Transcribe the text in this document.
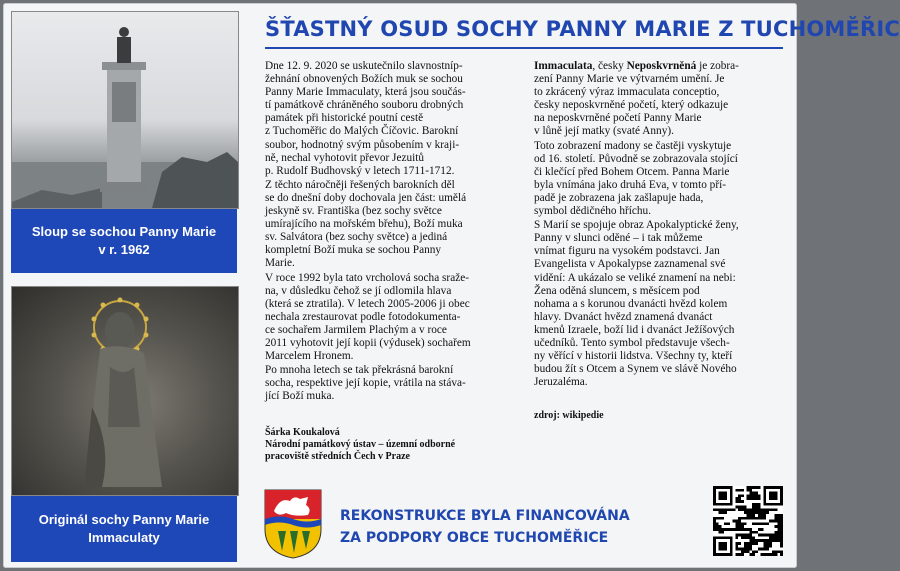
Sloup se sochou Panny Marie
v r. 1962
Originál sochy Panny Marie
Immaculaty
ŠŤASTNÝ OSUD SOCHY PANNY MARIE Z TUCHOMĚŘIC

Dne 12. 9. 2020 se uskutečnilo slavnostníp-
žehnání obnovených Božích muk se sochou
Panny Marie Immaculaty, která jsou součás-
tí památkově chráněného souboru drobných
památek při historické poutní cestě
z Tuchoměřic do Malých Číčovic. Barokní
soubor, hodnotný svým působením v kraji-
ně, nechal vyhotovit převor Jezuitů
p. Rudolf Budhovský v letech 1711-1712.

Z těchto náročněji řešených barokních děl
se do dnešní doby dochovala jen část: umělá
jeskyně sv. Františka (bez sochy světce
umírajícího na mořském břehu), Boží muka
sv. Salvátora (bez sochy světce) a jediná
kompletní Boží muka se sochou Panny
Marie.

V roce 1992 byla tato vrcholová socha sraže-
na, v důsledku čehož se jí odlomila hlava
(která se ztratila). V letech 2005-2006 ji obec
nechala zrestaurovat podle fotodokumenta-
ce sochařem Jarmilem Plachým a v roce
2011 vyhotovit její kopii (výdusek) sochařem
Marcelem Hronem.

Po mnoha letech se tak překrásná barokní
socha, respektive její kopie, vrátila na stáva-
jící Boží muka.

Immaculata, česky Neposkvrněná je zobra-
zení Panny Marie ve výtvarném umění. Je
to zkrácený výraz immaculata conceptio,
česky neposkvrněné početí, který odkazuje
na neposkvrněné početí Panny Marie
v lůně její matky (svaté Anny).

Toto zobrazení madony se častěji vyskytuje
od 16. století. Původně se zobrazovala stojící
či klečící před Bohem Otcem. Panna Marie
byla vnímána jako druhá Eva, v tomto pří-
padě je zobrazena jak zašlapuje hada,
symbol dědičného hříchu.

S Marií se spojuje obraz Apokalyptické ženy,
Panny v slunci oděné – i tak můžeme
vnímat figuru na vysokém podstavci. Jan
Evangelista v Apokalypse zaznamenal své
vidění: A ukázalo se veliké znamení na nebi:
Žena oděná sluncem, s měsícem pod
nohama a s korunou dvanácti hvězd kolem
hlavy. Dvanáct hvězd znamená dvanáct
kmenů Izraele, boží lid i dvanáct Ježíšových
učedníků. Tento symbol představuje všech-
ny věřící v historii lidstva. Všechny ty, kteří
budou žít s Otcem a Synem ve slávě Nového
Jeruzaléma.

Šárka Koukalová
Národní památkový ústav – územní odborné
pracoviště středních Čech v Praze
zdroj: wikipedie
REKONSTRUKCE BYLA FINANCOVÁNA
ZA PODPORY OBCE TUCHOMĚŘICE
